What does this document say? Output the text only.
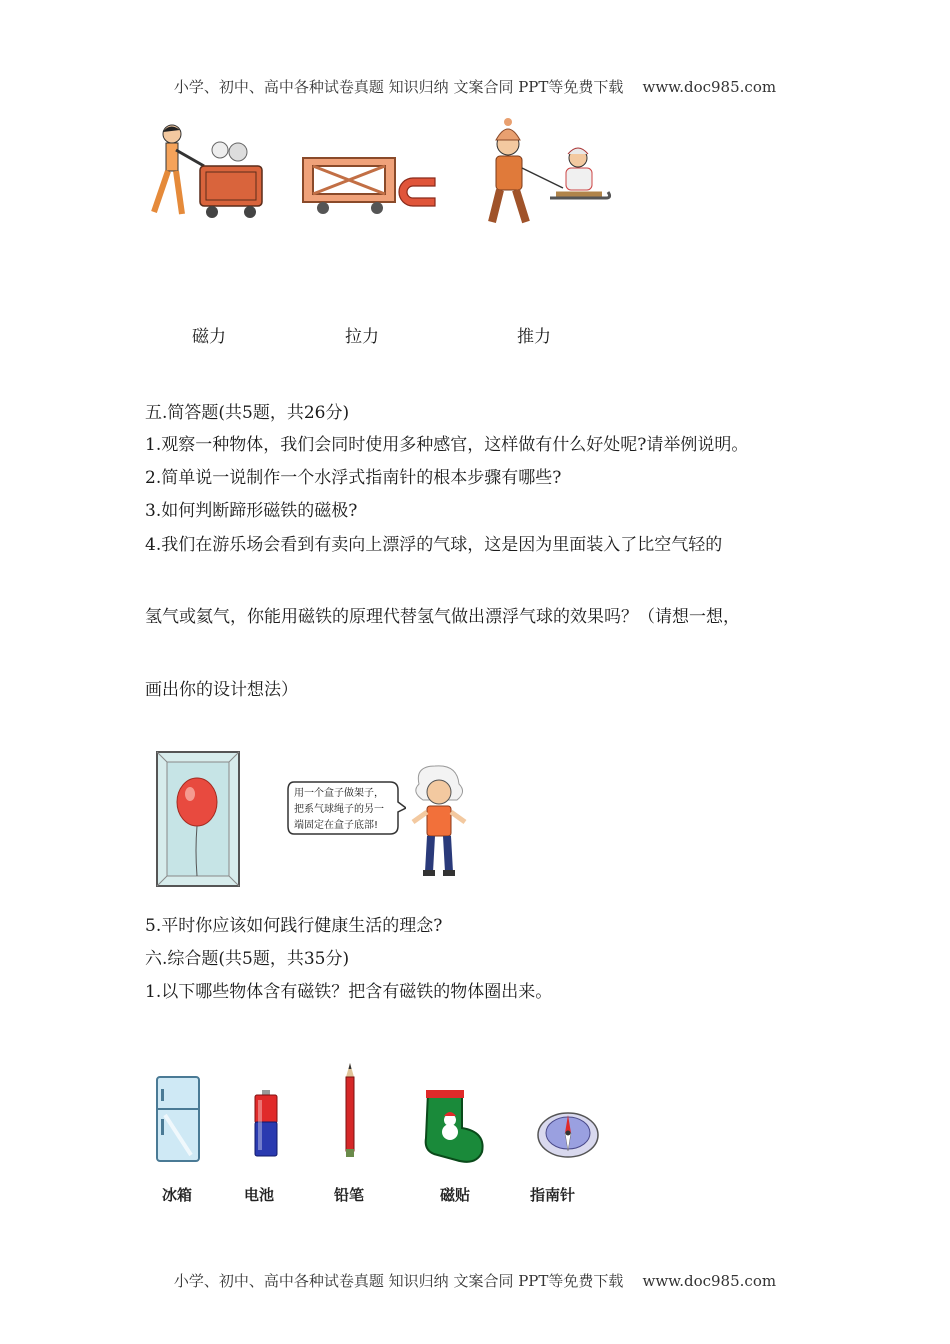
小学、初中、高中各种试卷真题 知识归纳 文案合同 PPT等免费下载    www.doc985.com
磁力	拉力	推力
五.简答题(共5题，共26分)
1.观察一种物体，我们会同时使用多种感官，这样做有什么好处呢?请举例说明。
2.简单说一说制作一个水浮式指南针的根本步骤有哪些?
3.如何判断蹄形磁铁的磁极?
4.我们在游乐场会看到有卖向上漂浮的气球，这是因为里面装入了比空气轻的
氢气或氦气，你能用磁铁的原理代替氢气做出漂浮气球的效果吗？（请想一想，
画出你的设计想法）
用一个盒子做架子，
把系气球绳子的另一
端固定在盒子底部!
5.平时你应该如何践行健康生活的理念?
六.综合题(共5题，共35分)
1.以下哪些物体含有磁铁？把含有磁铁的物体圈出来。
冰箱	电池	铅笔	磁贴	指南针
小学、初中、高中各种试卷真题 知识归纳 文案合同 PPT等免费下载    www.doc985.com
